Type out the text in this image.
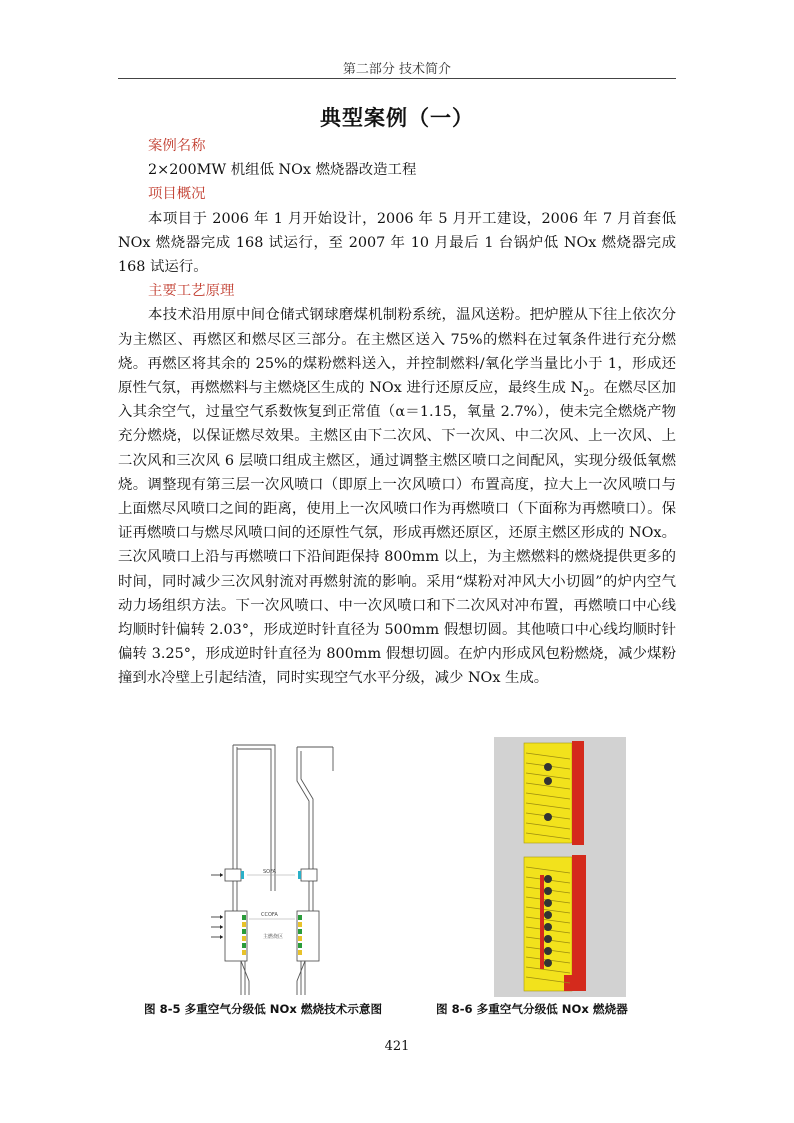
第二部分 技术简介
典型案例（一）
案例名称
2×200MW 机组低 NOx 燃烧器改造工程
项目概况
本项目于 2006 年 1 月开始设计，2006 年 5 月开工建设，2006 年 7 月首套低 NOx 燃烧器完成 168 试运行，至 2007 年 10 月最后 1 台锅炉低 NOx 燃烧器完成 168 试运行。
主要工艺原理
本技术沿用原中间仓储式钢球磨煤机制粉系统，温风送粉。把炉膛从下往上依次分为主燃区、再燃区和燃尽区三部分。在主燃区送入 75%的燃料在过氧条件进行充分燃烧。再燃区将其余的 25%的煤粉燃料送入，并控制燃料/氧化学当量比小于 1，形成还原性气氛，再燃燃料与主燃烧区生成的 NOx 进行还原反应，最终生成 $N_2$。在燃尽区加入其余空气，过量空气系数恢复到正常值（α＝1.15，氧量 2.7%），使未完全燃烧产物充分燃烧，以保证燃尽效果。主燃区由下二次风、下一次风、中二次风、上一次风、上二次风和三次风 6 层喷口组成主燃区，通过调整主燃区喷口之间配风，实现分级低氧燃烧。调整现有第三层一次风喷口（即原上一次风喷口）布置高度，拉大上一次风喷口与上面燃尽风喷口之间的距离，使用上一次风喷口作为再燃喷口（下面称为再燃喷口）。保证再燃喷口与燃尽风喷口间的还原性气氛，形成再燃还原区，还原主燃区形成的 NOx。三次风喷口上沿与再燃喷口下沿间距保持 800mm 以上，为主燃燃料的燃烧提供更多的时间，同时减少三次风射流对再燃射流的影响。采用“煤粉对冲风大小切圆”的炉内空气动力场组织方法。下一次风喷口、中一次风喷口和下二次风对冲布置，再燃喷口中心线均顺时针偏转 2.03°，形成逆时针直径为 500mm 假想切圆。其他喷口中心线均顺时针偏转 3.25°，形成逆时针直径为 800mm 假想切圆。在炉内形成风包粉燃烧，减少煤粉撞到水冷壁上引起结渣，同时实现空气水平分级，减少 NOx 生成。
SOFA
CCOFA
主燃烧区
图 8-5 多重空气分级低 NOx 燃烧技术示意图	图 8-6 多重空气分级低 NOx 燃烧器
421
